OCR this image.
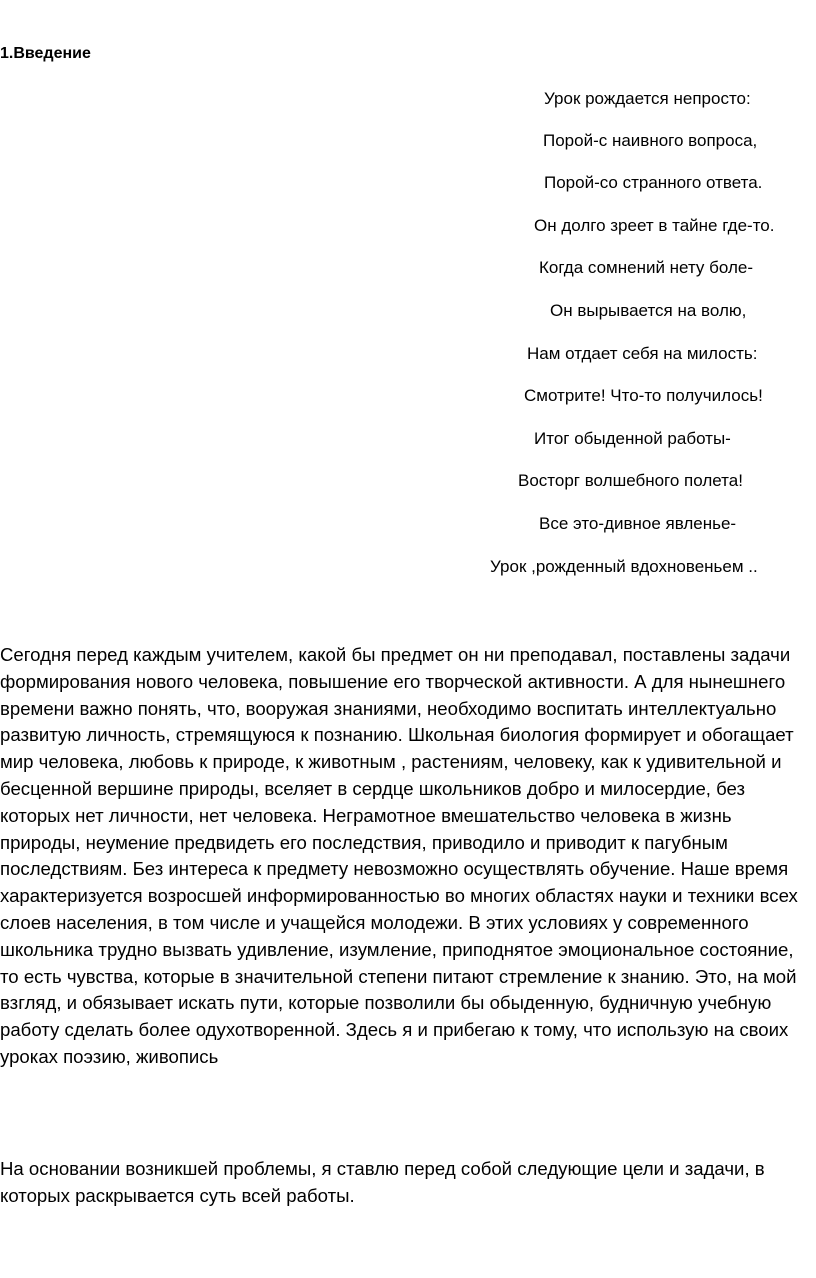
1.Введение
Урок рождается непросто:
Порой-с наивного вопроса,
Порой-со странного ответа.
Он долго зреет в тайне где-то.
Когда сомнений нету боле-
Он вырывается на волю,
Нам отдает себя на милость:
Смотрите! Что-то получилось!
Итог обыденной работы-
Восторг волшебного полета!
Все это-дивное явленье-
Урок ,рожденный вдохновеньем ..

Сегодня перед каждым учителем, какой бы предмет он ни преподавал, поставлены задачи формирования нового человека, повышение его творческой активности. А для нынешнего времени важно понять, что, вооружая знаниями, необходимо воспитать интеллектуально развитую личность, стремящуюся к познанию. Школьная биология формирует и обогащает мир человека, любовь к природе, к животным , растениям, человеку, как к удивительной и бесценной вершине природы, вселяет в сердце школьников добро и милосердие, без которых нет личности, нет человека. Неграмотное вмешательство человека в жизнь природы, неумение предвидеть его последствия, приводило и приводит к пагубным последствиям. Без интереса к предмету невозможно осуществлять обучение. Наше время характеризуется возросшей информированностью во многих областях науки и техники всех слоев населения, в том числе и учащейся молодежи. В этих условиях у современного школьника трудно вызвать удивление, изумление, приподнятое эмоциональное состояние, то есть чувства, которые в значительной степени питают стремление к знанию. Это, на мой взгляд, и обязывает искать пути, которые позволили бы обыденную, будничную учебную работу сделать более одухотворенной. Здесь я и прибегаю к тому, что использую на своих уроках поэзию, живопись

На основании возникшей проблемы, я ставлю перед собой следующие цели и задачи, в которых раскрывается суть всей работы.
